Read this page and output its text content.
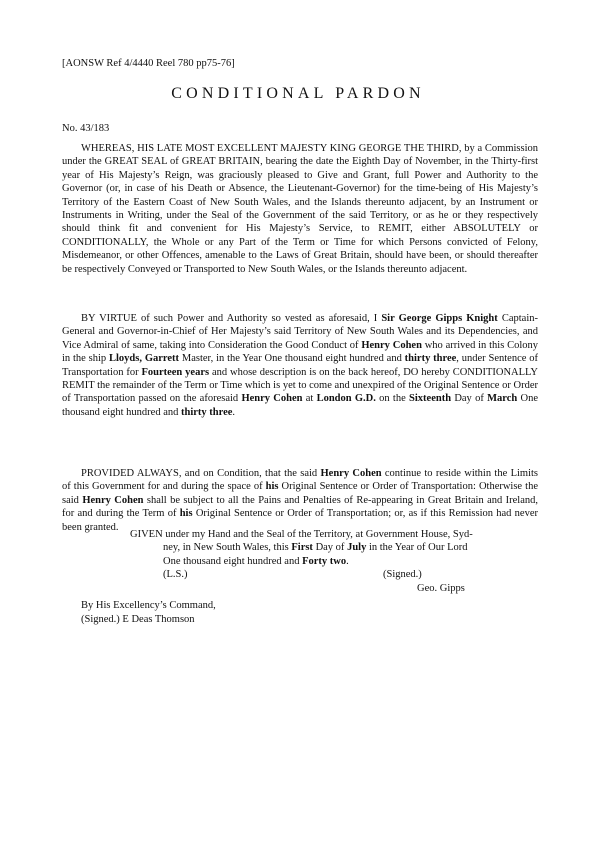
[AONSW Ref 4/4440 Reel 780 pp75-76]
CONDITIONAL PARDON
No. 43/183

WHEREAS, HIS LATE MOST EXCELLENT MAJESTY KING GEORGE THE THIRD, by a Commission under the GREAT SEAL of GREAT BRITAIN, bearing the date the Eighth Day of November, in the Thirty-first year of His Majesty’s Reign, was graciously pleased to Give and Grant, full Power and Authority to the Governor (or, in case of his Death or Absence, the Lieutenant-Governor) for the time-being of His Majesty’s Territory of the Eastern Coast of New South Wales, and the Islands thereunto adjacent, by an Instrument or Instruments in Writing, under the Seal of the Government of the said Territory, or as he or they respectively should think fit and convenient for His Majesty’s Service, to REMIT, either ABSOLUTELY or CONDITIONALLY, the Whole or any Part of the Term or Time for which Persons convicted of Felony, Misdemeanor, or other Offences, amenable to the Laws of Great Britain, should have been, or should thereafter be respectively Conveyed or Transported to New South Wales, or the Islands thereunto adjacent.

BY VIRTUE of such Power and Authority so vested as aforesaid, I Sir George Gipps Knight Captain-General and Governor-in-Chief of Her Majesty’s said Territory of New South Wales and its Dependencies, and Vice Admiral of same, taking into Consideration the Good Conduct of Henry Cohen who arrived in this Colony in the ship Lloyds, Garrett Master, in the Year One thousand eight hundred and thirty three, under Sentence of Transportation for Fourteen years and whose description is on the back hereof, DO hereby CONDITIONALLY REMIT the remainder of the Term or Time which is yet to come and unexpired of the Original Sentence or Order of Transportation passed on the aforesaid Henry Cohen at London G.D. on the Sixteenth Day of March One thousand eight hundred and thirty three.

PROVIDED ALWAYS, and on Condition, that the said Henry Cohen continue to reside within the Limits of this Government for and during the space of his Original Sentence or Order of Transportation: Otherwise the said Henry Cohen shall be subject to all the Pains and Penalties of Re-appearing in Great Britain and Ireland, for and during the Term of his Original Sentence or Order of Transportation; or, as if this Remission had never been granted.

GIVEN under my Hand and the Seal of the Territory, at Government House, Syd-
ney, in New South Wales, this First Day of July in the Year of Our Lord
One thousand eight hundred and Forty two.
(L.S.)	(Signed.)
Geo. Gipps
By His Excellency’s Command,
(Signed.) E Deas Thomson
